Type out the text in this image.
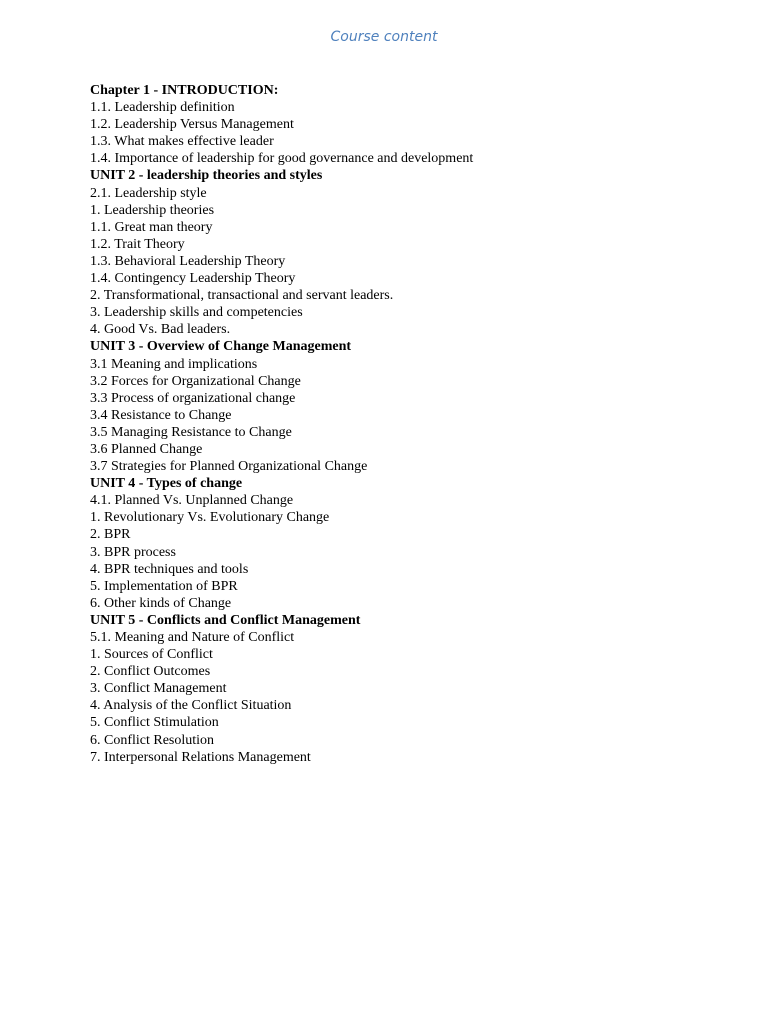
Course content
Chapter 1 - INTRODUCTION:
1.1. Leadership definition
1.2. Leadership Versus Management
1.3. What makes effective leader
1.4. Importance of leadership for good governance and development
UNIT 2 - leadership theories and styles
2.1. Leadership style
1. Leadership theories
1.1. Great man theory
1.2. Trait Theory
1.3. Behavioral Leadership Theory
1.4. Contingency Leadership Theory
2. Transformational, transactional and servant leaders.
3. Leadership skills and competencies
4. Good Vs. Bad leaders.
UNIT 3 - Overview of Change Management
3.1 Meaning and implications
3.2 Forces for Organizational Change
3.3 Process of organizational change
3.4 Resistance to Change
3.5 Managing Resistance to Change
3.6 Planned Change
3.7 Strategies for Planned Organizational Change
UNIT 4 - Types of change
4.1. Planned Vs. Unplanned Change
1. Revolutionary Vs. Evolutionary Change
2. BPR
3. BPR process
4. BPR techniques and tools
5. Implementation of BPR
6. Other kinds of Change
UNIT 5 - Conflicts and Conflict Management
5.1. Meaning and Nature of Conflict
1. Sources of Conflict
2. Conflict Outcomes
3. Conflict Management
4. Analysis of the Conflict Situation
5. Conflict Stimulation
6. Conflict Resolution
7. Interpersonal Relations Management
